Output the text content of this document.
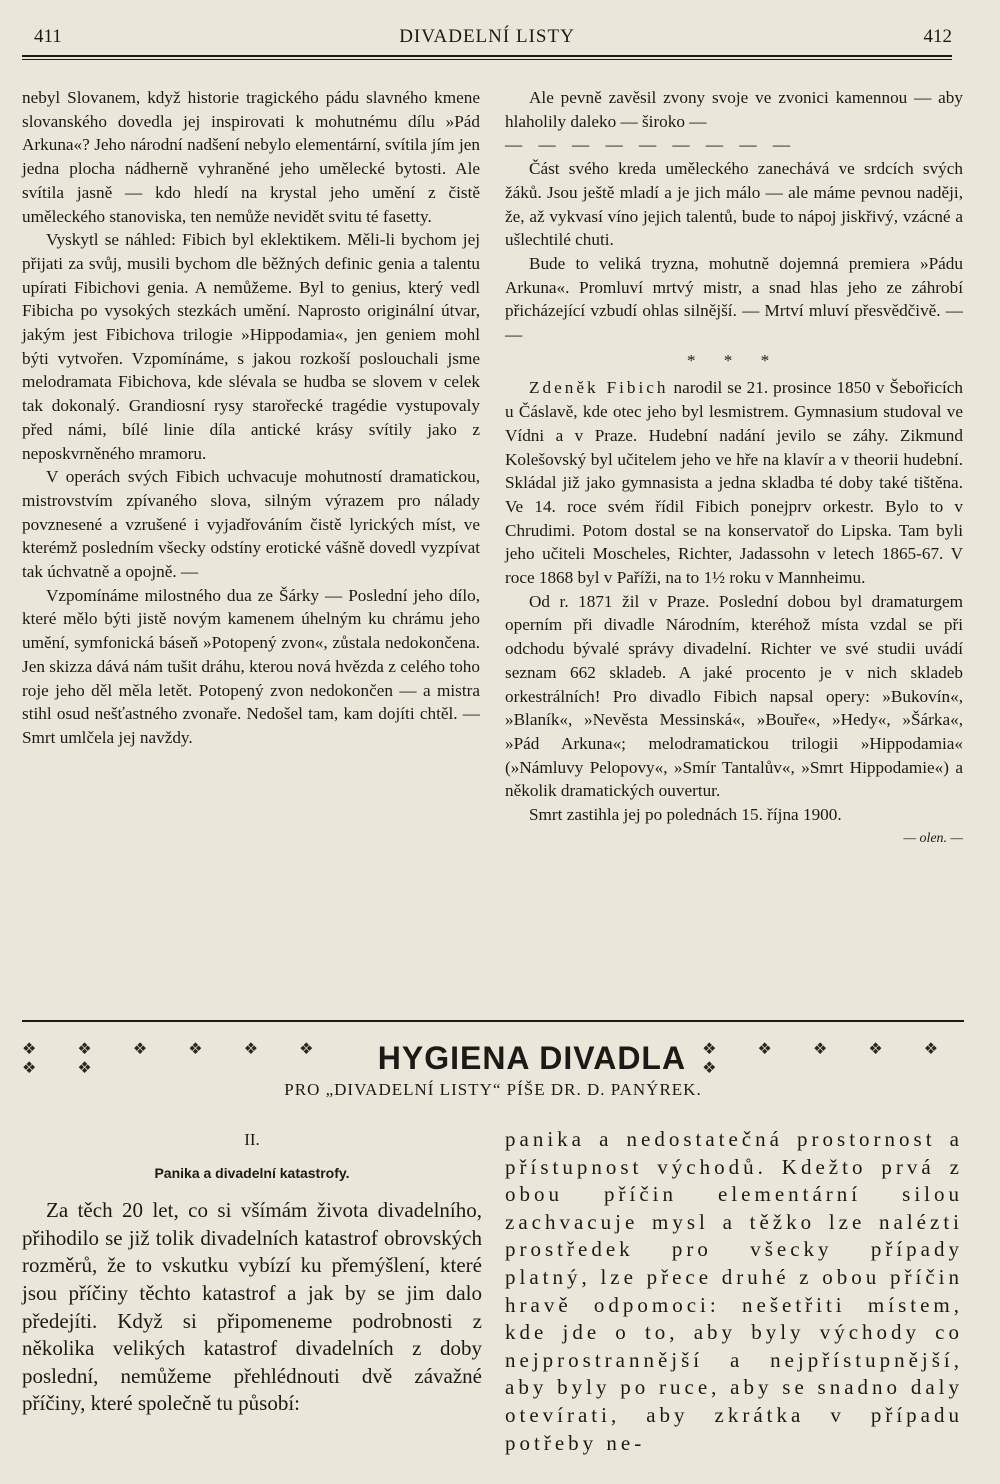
411	DIVADELNÍ LISTY	412

nebyl Slovanem, když historie tragického pádu slavného kmene slovanského dovedla jej inspirovati k mohutnému dílu »Pád Arkuna«? Jeho národní nadšení nebylo elementární, svítila jím jen jedna plocha nádherně vyhraněné jeho umělecké bytosti. Ale svítila jasně — kdo hledí na krystal jeho umění z čistě uměleckého stanoviska, ten nemůže nevidět svitu té fasetty.

Vyskytl se náhled: Fibich byl eklektikem. Měli-li bychom jej přijati za svůj, musili bychom dle běžných definic genia a talentu upírati Fibichovi genia. A nemůžeme. Byl to genius, který vedl Fibicha po vysokých stezkách umění. Naprosto originální útvar, jakým jest Fibichova trilogie »Hippodamia«, jen geniem mohl býti vytvořen. Vzpomínáme, s jakou rozkoší poslouchali jsme melodramata Fibichova, kde slévala se hudba se slovem v celek tak dokonalý. Grandiosní rysy starořecké tragédie vystupovaly před námi, bílé linie díla antické krásy svítily jako z neposkvrněného mramoru.

V operách svých Fibich uchvacuje mohutností dramatickou, mistrovstvím zpívaného slova, silným výrazem pro nálady povznesené a vzrušené i vyjadřováním čistě lyrických míst, ve kterémž posledním všecky odstíny erotické vášně dovedl vyzpívat tak úchvatně a opojně. —

Vzpomínáme milostného dua ze Šárky — Poslední jeho dílo, které mělo býti jistě novým kamenem úhelným ku chrámu jeho umění, symfonická báseň »Potopený zvon«, zůstala nedokončena. Jen skizza dává nám tušit dráhu, kterou nová hvězda z celého toho roje jeho děl měla letět. Potopený zvon nedokončen — a mistra stihl osud nešťastného zvonaře. Nedošel tam, kam dojíti chtěl. — Smrt umlčela jej navždy.

Ale pevně zavěsil zvony svoje ve zvonici kamennou — aby hlaholily daleko — široko —

— — — — — — — — —

Část svého kreda uměleckého zanechává ve srdcích svých žáků. Jsou ještě mladí a je jich málo — ale máme pevnou naději, že, až vykvasí víno jejich talentů, bude to nápoj jiskřivý, vzácné a ušlechtilé chuti.

Bude to veliká tryzna, mohutně dojemná premiera »Pádu Arkuna«. Promluví mrtvý mistr, a snad hlas jeho ze záhrobí přicházející vzbudí ohlas silnější. — Mrtví mluví přesvědčivě. — —

* * *

Zdeněk Fibich narodil se 21. prosince 1850 v Šebořicích u Čáslavě, kde otec jeho byl lesmistrem. Gymnasium studoval ve Vídni a v Praze. Hudební nadání jevilo se záhy. Zikmund Kolešovský byl učitelem jeho ve hře na klavír a v theorii hudební. Skládal již jako gymnasista a jedna skladba té doby také tištěna. Ve 14. roce svém řídil Fibich ponejprv orkestr. Bylo to v Chrudimi. Potom dostal se na konservatoř do Lipska. Tam byli jeho učiteli Moscheles, Richter, Jadassohn v letech 1865-67. V roce 1868 byl v Paříži, na to 1½ roku v Mannheimu.

Od r. 1871 žil v Praze. Poslední dobou byl dramaturgem operním při divadle Národním, kteréhož místa vzdal se při odchodu bývalé správy divadelní. Richter ve své studii uvádí seznam 662 skladeb. A jaké procento je v nich skladeb orkestrálních! Pro divadlo Fibich napsal opery: »Bukovín«, »Blaník«, »Nevěsta Messinská«, »Bouře«, »Hedy«, »Šárka«, »Pád Arkuna«; melodramatickou trilogii »Hippodamia« (»Námluvy Pelopovy«, »Smír Tantalův«, »Smrt Hippodamie«) a několik dramatických ouvertur.

Smrt zastihla jej po polednách 15. října 1900.

— olen. —
❖ ❖ ❖ ❖ ❖ ❖ ❖ ❖	HYGIENA DIVADLA ❖ ❖ ❖ ❖ ❖ ❖
PRO „DIVADELNÍ LISTY“ PÍŠE DR. D. PANÝREK.
II.
Panika a divadelní katastrofy.

Za těch 20 let, co si všímám života divadelního, přihodilo se již tolik divadelních katastrof obrovských rozměrů, že to vskutku vybízí ku přemýšlení, které jsou příčiny těchto katastrof a jak by se jim dalo předejíti. Když si připomeneme podrobnosti z několika velikých katastrof divadelních z doby poslední, nemůžeme přehlédnouti dvě závažné příčiny, které společně tu působí:

panika a nedostatečná prostornost a přístupnost východů. Kdežto prvá z obou příčin elementární silou zachvacuje mysl a těžko lze nalézti prostředek pro všecky případy platný, lze přece druhé z obou příčin hravě odpomoci: nešetřiti místem, kde jde o to, aby byly východy co nejprostrannější a nejpřístupnější, aby byly po ruce, aby se snadno daly otevírati, aby zkrátka v případu potřeby ne-
